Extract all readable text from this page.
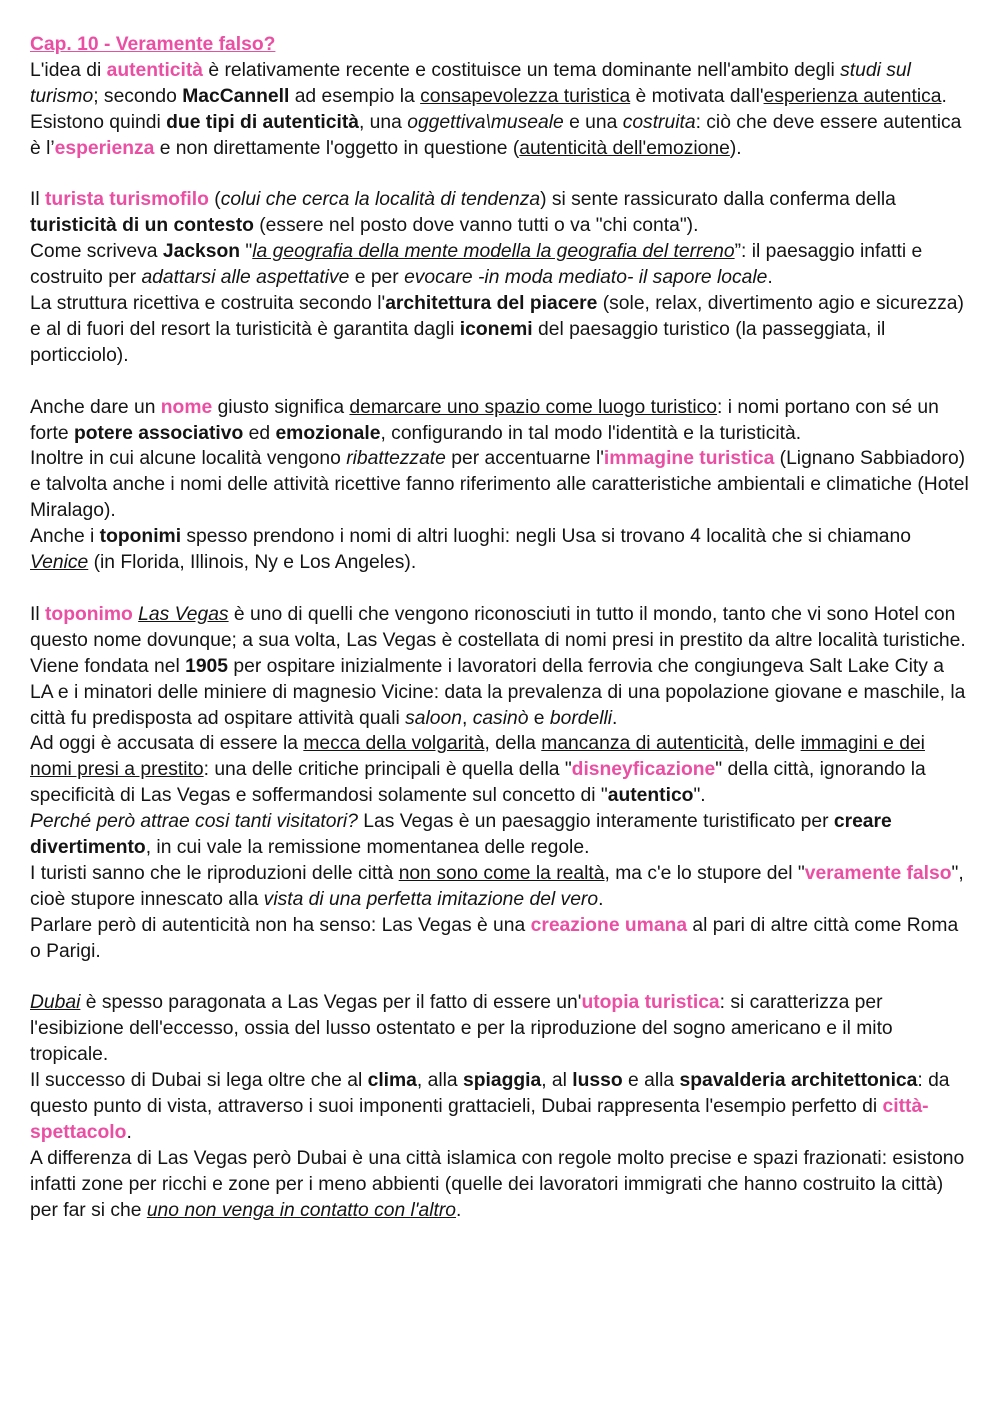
Cap. 10 - Veramente falso?

L'idea di autenticità è relativamente recente e costituisce un tema dominante nell'ambito degli studi sul turismo; secondo MacCannell ad esempio la consapevolezza turistica è motivata dall'esperienza autentica.

Esistono quindi due tipi di autenticità, una oggettiva\museale e una costruita: ciò che deve essere autentica è l’esperienza e non direttamente l'oggetto in questione (autenticità dell'emozione).

Il turista turismofilo (colui che cerca la località di tendenza) si sente rassicurato dalla conferma della turisticità di un contesto (essere nel posto dove vanno tutti o va "chi conta").

Come scriveva Jackson "la geografia della mente modella la geografia del terreno”: il paesaggio infatti e costruito per adattarsi alle aspettative e per evocare -in moda mediato- il sapore locale.

La struttura ricettiva e costruita secondo l'architettura del piacere (sole, relax, divertimento agio e sicurezza) e al di fuori del resort la turisticità è garantita dagli iconemi del paesaggio turistico (la passeggiata, il porticciolo).

Anche dare un nome giusto significa demarcare uno spazio come luogo turistico: i nomi portano con sé un forte potere associativo ed emozionale, configurando in tal modo l'identità e la turisticità.

Inoltre in cui alcune località vengono ribattezzate per accentuarne l'immagine turistica (Lignano Sabbiadoro) e talvolta anche i nomi delle attività ricettive fanno riferimento alle caratteristiche ambientali e climatiche (Hotel Miralago).

Anche i toponimi spesso prendono i nomi di altri luoghi: negli Usa si trovano 4 località che si chiamano Venice (in Florida, Illinois, Ny e Los Angeles).

Il toponimo Las Vegas è uno di quelli che vengono riconosciuti in tutto il mondo, tanto che vi sono Hotel con questo nome dovunque; a sua volta, Las Vegas è costellata di nomi presi in prestito da altre località turistiche.

Viene fondata nel 1905 per ospitare inizialmente i lavoratori della ferrovia che congiungeva Salt Lake City a LA e i minatori delle miniere di magnesio Vicine: data la prevalenza di una popolazione giovane e maschile, la città fu predisposta ad ospitare attività quali saloon, casinò e bordelli.

Ad oggi è accusata di essere la mecca della volgarità, della mancanza di autenticità, delle immagini e dei nomi presi a prestito: una delle critiche principali è quella della "disneyficazione" della città, ignorando la specificità di Las Vegas e soffermandosi solamente sul concetto di "autentico".

Perché però attrae cosi tanti visitatori? Las Vegas è un paesaggio interamente turistificato per creare divertimento, in cui vale la remissione momentanea delle regole.

I turisti sanno che le riproduzioni delle città non sono come la realtà, ma c'e lo stupore del "veramente falso", cioè stupore innescato alla vista di una perfetta imitazione del vero.

Parlare però di autenticità non ha senso: Las Vegas è una creazione umana al pari di altre città come Roma o Parigi.

Dubai è spesso paragonata a Las Vegas per il fatto di essere un'utopia turistica: si caratterizza per l'esibizione dell'eccesso, ossia del lusso ostentato e per la riproduzione del sogno americano e il mito tropicale.

Il successo di Dubai si lega oltre che al clima, alla spiaggia, al lusso e alla spavalderia architettonica: da questo punto di vista, attraverso i suoi imponenti grattacieli, Dubai rappresenta l'esempio perfetto di città-spettacolo.

A differenza di Las Vegas però Dubai è una città islamica con regole molto precise e spazi frazionati: esistono infatti zone per ricchi e zone per i meno abbienti (quelle dei lavoratori immigrati che hanno costruito la città) per far si che uno non venga in contatto con l'altro.
